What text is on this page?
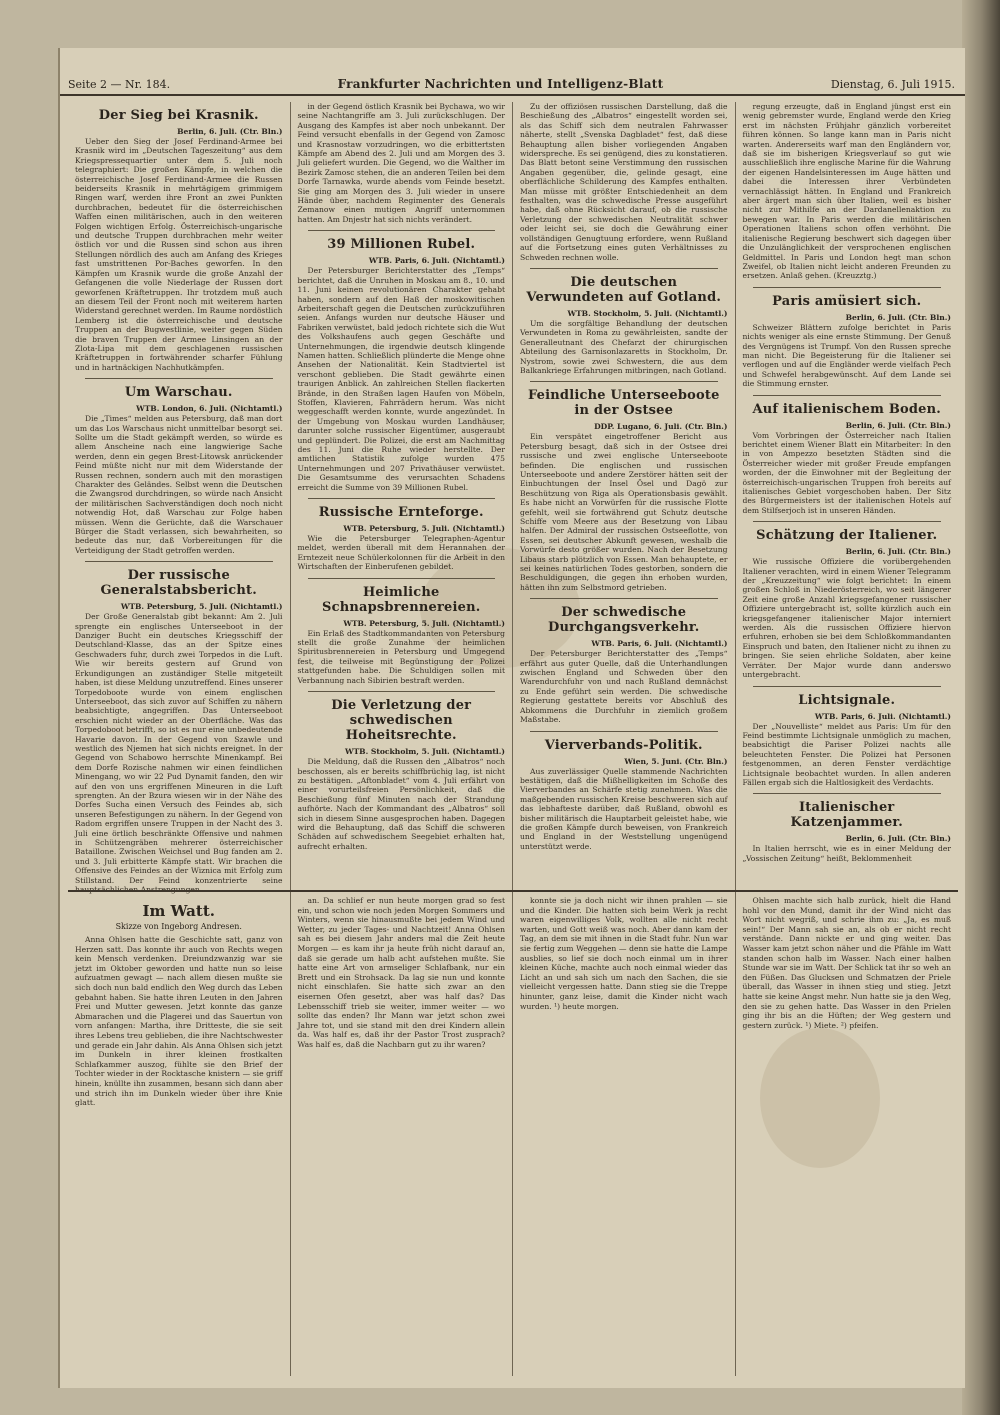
Seite 2 — Nr. 184.	Frankfurter Nachrichten und Intelligenz-Blatt	Dienstag, 6. Juli 1915.
Der Sieg bei Krasnik.
Berlin, 6. Juli. (Ctr. Bln.)

Ueber den Sieg der Josef Ferdinand-Armee bei Krasnik wird im „Deutschen Tageszeitung“ aus dem Kriegspressequartier unter dem 5. Juli noch telegraphiert: Die großen Kämpfe, in welchen die österreichische Josef Ferdinand-Armee die Russen beiderseits Krasnik in mehrtägigem grimmigem Ringen warf, werden ihre Front an zwei Punkten durchbrachen, bedeutet für die österreichischen Waffen einen militärischen, auch in den weiteren Folgen wichtigen Erfolg. Österreichisch-ungarische und deutsche Truppen durchbrachen mehr weiter östlich vor und die Russen sind schon aus ihren Stellungen nördlich des auch am Anfang des Krieges fast umstrittenen Por-Baches geworfen. In den Kämpfen um Krasnik wurde die große Anzahl der Gefangenen die volle Niederlage der Russen dort geworfenen Kräftetruppen. Ihr trotzdem muß auch an diesem Teil der Front noch mit weiterem harten Widerstand gerechnet werden. Im Raume nordöstlich Lemberg ist die österreichische und deutsche Truppen an der Bugwestlinie, weiter gegen Süden die braven Truppen der Armee Linsingen an der Zlota-Lipa mit dem geschlagenen russischen Kräftetruppen in fortwährender scharfer Fühlung und in hartnäckigen Nachhutkämpfen.

Um Warschau.
WTB. London, 6. Juli. (Nichtamtl.)

Die „Times“ melden aus Petersburg, daß man dort um das Los Warschaus nicht unmittelbar besorgt sei. Sollte um die Stadt gekämpft werden, so würde es allem Anscheine nach eine langwierige Sache werden, denn ein gegen Brest-Litowsk anrückender Feind müßte nicht nur mit dem Widerstande der Russen rechnen, sondern auch mit den morastigen Charakter des Geländes. Selbst wenn die Deutschen die Zwangsrod durchdringen, so würde nach Ansicht der militärischen Sachverständigen doch noch nicht notwendig Hot, daß Warschau zur Folge haben müssen. Wenn die Gerüchte, daß die Warschauer Bürger die Stadt verlassen, sich bewahrheiten, so bedeute das nur, daß Vorbereitungen für die Verteidigung der Stadt getroffen werden.

Der russische Generalstabsbericht.
WTB. Petersburg, 5. Juli. (Nichtamtl.)

Der Große Generalstab gibt bekannt: Am 2. Juli sprengte ein englisches Unterseeboot in der Danziger Bucht ein deutsches Kriegsschiff der Deutschland-Klasse, das an der Spitze eines Geschwaders fuhr, durch zwei Torpedos in die Luft. Wie wir bereits gestern auf Grund von Erkundigungen an zuständiger Stelle mitgeteilt haben, ist diese Meldung unzutreffend. Eines unserer Torpedoboote wurde von einem englischen Unterseeboot, das sich zuvor auf Schiffen zu nähern beabsichtigte, angegriffen. Das Unterseeboot erschien nicht wieder an der Oberfläche. Was das Torpedoboot betrifft, so ist es nur eine unbedeutende Havarie davon. In der Gegend von Szawle und westlich des Njemen hat sich nichts ereignet. In der Gegend von Schabowo herrschte Minenkampf. Bei dem Dorfe Rozische nahmen wir einen feindlichen Minengang, wo wir 22 Pud Dynamit fanden, den wir auf den von uns ergriffenen Mineuren in die Luft sprengten. An der Bzura wiesen wir in der Nähe des Dorfes Sucha einen Versuch des Feindes ab, sich unseren Befestigungen zu nähern. In der Gegend von Radom ergriffen unsere Truppen in der Nacht des 3. Juli eine örtlich beschränkte Offensive und nahmen in Schützengräben mehrerer österreichischer Bataillone. Zwischen Weichsel und Bug fanden am 2. und 3. Juli erbitterte Kämpfe statt. Wir brachen die Offensive des Feindes an der Wiznica mit Erfolg zum Stillstand. Der Feind konzentrierte seine hauptsächlichen Anstrengungen

in der Gegend östlich Krasnik bei Bychawa, wo wir seine Nachtangriffe am 3. Juli zurückschlugen. Der Ausgang des Kampfes ist aber noch unbekannt. Der Feind versucht ebenfalls in der Gegend von Zamosc und Krasnostaw vorzudringen, wo die erbittertsten Kämpfe am Abend des 2. Juli und am Morgen des 3. Juli geliefert wurden. Die Gegend, wo die Walther im Bezirk Zamosc stehen, die an anderen Teilen bei dem Dorfe Tarnawka, wurde abends vom Feinde besetzt. Sie ging am Morgen des 3. Juli wieder in unsere Hände über, nachdem Regimenter des Generals Zemanow einen mutigen Angriff unternommen hatten. Am Dnjestr hat sich nichts verändert.

39 Millionen Rubel.
WTB. Paris, 6. Juli. (Nichtamtl.)

Der Petersburger Berichterstatter des „Temps“ berichtet, daß die Unruhen in Moskau am 8., 10. und 11. Juni keinen revolutionären Charakter gehabt haben, sondern auf den Haß der moskowitischen Arbeiterschaft gegen die Deutschen zurückzuführen seien. Anfangs wurden nur deutsche Häuser und Fabriken verwüstet, bald jedoch richtete sich die Wut des Volkshaufens auch gegen Geschäfte und Unternehmungen, die irgendwie deutsch klingende Namen hatten. Schließlich plünderte die Menge ohne Ansehen der Nationalität. Kein Stadtviertel ist verschont geblieben. Die Stadt gewährte einen traurigen Anblick. An zahlreichen Stellen flackerten Brände, in den Straßen lagen Haufen von Möbeln, Stoffen, Klavieren, Fahrrädern herum. Was nicht weggeschafft werden konnte, wurde angezündet. In der Umgebung von Moskau wurden Landhäuser, darunter solche russischer Eigentümer, ausgeraubt und geplündert. Die Polizei, die erst am Nachmittag des 11. Juni die Ruhe wieder herstellte. Der amtlichen Statistik zufolge wurden 475 Unternehmungen und 207 Privathäuser verwüstet. Die Gesamtsumme des verursachten Schadens erreicht die Summe von 39 Millionen Rubel.

Russische Ernteforge.
WTB. Petersburg, 5. Juli. (Nichtamtl.)

Wie die Petersburger Telegraphen-Agentur meldet, werden überall mit dem Herannahen der Erntezeit neue Schülerkolonnen für die Arbeit in den Wirtschaften der Einberufenen gebildet.

Heimliche Schnapsbrennereien.
WTB. Petersburg, 5. Juli. (Nichtamtl.)

Ein Erlaß des Stadtkommandanten von Petersburg stellt die große Zunahme der heimlichen Spiritusbrennereien in Petersburg und Umgegend fest, die teilweise mit Begünstigung der Polizei stattgefunden habe. Die Schuldigen sollen mit Verbannung nach Sibirien bestraft werden.

Die Verletzung der schwedischen Hoheitsrechte.
WTB. Stockholm, 5. Juli. (Nichtamtl.)

Die Meldung, daß die Russen den „Albatros“ noch beschossen, als er bereits schiffbrüchig lag, ist nicht zu bestätigen. „Aftonbladet“ vom 4. Juli erfährt von einer vorurteilsfreien Persönlichkeit, daß die Beschießung fünf Minuten nach der Strandung aufhörte. Nach der Kommandant des „Albatros“ soll sich in diesem Sinne ausgesprochen haben. Dagegen wird die Behauptung, daß das Schiff die schweren Schäden auf schwedischem Seegebiet erhalten hat, aufrecht erhalten.

Zu der offiziösen russischen Darstellung, daß die Beschießung des „Albatros“ eingestellt worden sei, als das Schiff sich dem neutralen Fahrwasser näherte, stellt „Svenska Dagbladet“ fest, daß diese Behauptung allen bisher vorliegenden Angaben widerspreche. Es sei genügend, dies zu konstatieren. Das Blatt betont seine Verstimmung den russischen Angaben gegenüber, die, gelinde gesagt, eine oberflächliche Schilderung des Kampfes enthalten. Man müsse mit größter Entschiedenheit an dem festhalten, was die schwedische Presse ausgeführt habe, daß ohne Rücksicht darauf, ob die russische Verletzung der schwedischen Neutralität schwer oder leicht sei, sie doch die Gewährung einer vollständigen Genugtuung erfordere, wenn Rußland auf die Fortsetzung eines guten Verhältnisses zu Schweden rechnen wolle.

Die deutschen Verwundeten auf Gotland.
WTB. Stockholm, 5. Juli. (Nichtamtl.)

Um die sorgfältige Behandlung der deutschen Verwundeten in Roma zu gewährleisten, sandte der Generalleutnant des Chefarzt der chirurgischen Abteilung des Garnisonlazaretts in Stockholm, Dr. Nystrom, sowie zwei Schwestern, die aus dem Balkankriege Erfahrungen mitbringen, nach Gotland.

Feindliche Unterseeboote in der Ostsee
DDP. Lugano, 6. Juli. (Ctr. Bln.)

Ein verspätet eingetroffener Bericht aus Petersburg besagt, daß sich in der Ostsee drei russische und zwei englische Unterseeboote befinden. Die englischen und russischen Unterseeboote und andere Zerstörer hätten seit der Einbuchtungen der Insel Ösel und Dagö zur Beschützung von Riga als Operationsbasis gewählt. Es habe nicht an Vorwürfen für die russische Flotte gefehlt, weil sie fortwährend gut Schutz deutsche Schiffe vom Meere aus der Besetzung von Libau halfen. Der Admiral der russischen Ostseeflotte, von Essen, sei deutscher Abkunft gewesen, weshalb die Vorwürfe desto größer wurden. Nach der Besetzung Libaus starb plötzlich von Essen. Man behauptete, er sei keines natürlichen Todes gestorben, sondern die Beschuldigungen, die gegen ihn erhoben wurden, hätten ihn zum Selbstmord getrieben.

Der schwedische Durchgangsverkehr.
WTB. Paris, 6. Juli. (Nichtamtl.)

Der Petersburger Berichterstatter des „Temps“ erfährt aus guter Quelle, daß die Unterhandlungen zwischen England und Schweden über den Warendurchfuhr von und nach Rußland demnächst zu Ende geführt sein werden. Die schwedische Regierung gestattete bereits vor Abschluß des Abkommens die Durchfuhr in ziemlich großem Maßstabe.

Vierverbands-Politik.
Wien, 5. Juni. (Ctr. Bln.)

Aus zuverlässiger Quelle stammende Nachrichten bestätigen, daß die Mißhelligkeiten im Schoße des Vierverbandes an Schärfe stetig zunehmen. Was die maßgebenden russischen Kreise beschweren sich auf das lebhafteste darüber, daß Rußland, obwohl es bisher militärisch die Hauptarbeit geleistet habe, wie die großen Kämpfe durch beweisen, von Frankreich und England in der Weststellung ungenügend unterstützt werde.

regung erzeugte, daß in England jüngst erst ein wenig gebremster wurde, England werde den Krieg erst im nächsten Frühjahr gänzlich vorbereitet führen können. So lange kann man in Paris nicht warten. Andererseits warf man den Engländern vor, daß sie im bisherigen Kriegsverlauf so gut wie ausschließlich ihre englische Marine für die Wahrung der eigenen Handelsinteressen im Auge hätten und dabei die Interessen ihrer Verbündeten vernachlässigt hätten. In England und Frankreich aber ärgert man sich über Italien, weil es bisher nicht zur Mithilfe an der Dardanellenaktion zu bewegen war. In Paris werden die militärischen Operationen Italiens schon offen verhöhnt. Die italienische Regierung beschwert sich dagegen über die Unzulänglichkeit der versprochenen englischen Geldmittel. In Paris und London hegt man schon Zweifel, ob Italien nicht leicht anderen Freunden zu ersetzen. Anlaß gehen. (Kreuzztg.)

Paris amüsiert sich.
Berlin, 6. Juli. (Ctr. Bln.)

Schweizer Blättern zufolge berichtet in Paris nichts weniger als eine ernste Stimmung. Der Genuß des Vergnügens ist Trumpf. Von den Russen spreche man nicht. Die Begeisterung für die Italiener sei verflogen und auf die Engländer werde vielfach Pech und Schwefel herabgewünscht. Auf dem Lande sei die Stimmung ernster.

Auf italienischem Boden.
Berlin, 6. Juli. (Ctr. Bln.)

Vom Vorbringen der Österreicher nach Italien berichtet einem Wiener Blatt ein Mitarbeiter: In den in von Ampezzo besetzten Städten sind die Österreicher wieder mit großer Freude empfangen worden, der die Einwohner mit der Begleitung der österreichisch-ungarischen Truppen froh bereits auf italienisches Gebiet vorgeschoben haben. Der Sitz des Bürgermeisters ist der italienischen Hotels auf dem Stilfserjoch ist in unseren Händen.

Schätzung der Italiener.
Berlin, 6. Juli. (Ctr. Bln.)

Wie russische Offiziere die vorübergehenden Italiener verachten, wird in einem Wiener Telegramm der „Kreuzzeitung“ wie folgt berichtet: In einem großen Schloß in Niederösterreich, wo seit längerer Zeit eine große Anzahl kriegsgefangener russischer Offiziere untergebracht ist, sollte kürzlich auch ein kriegsgefangener italienischer Major interniert werden. Als die russischen Offiziere hiervon erfuhren, erhoben sie bei dem Schloßkommandanten Einspruch und baten, den Italiener nicht zu ihnen zu bringen. Sie seien ehrliche Soldaten, aber keine Verräter. Der Major wurde dann anderswo untergebracht.

Lichtsignale.
WTB. Paris, 6. Juli. (Nichtamtl.)

Der „Nouvelliste“ meldet aus Paris: Um für den Feind bestimmte Lichtsignale unmöglich zu machen, beabsichtigt die Pariser Polizei nachts alle beleuchteten Fenster. Die Polizei hat Personen festgenommen, an deren Fenster verdächtige Lichtsignale beobachtet wurden. In allen anderen Fällen ergab sich die Haltlosigkeit des Verdachts.

Italienischer Katzenjammer.
Berlin, 6. Juli. (Ctr. Bln.)

In Italien herrscht, wie es in einer Meldung der „Vossischen Zeitung“ heißt, Beklommenheit

Im Watt.
Skizze von Ingeborg Andresen.

Anna Ohlsen hatte die Geschichte satt, ganz von Herzen satt. Das konnte ihr auch von Rechts wegen kein Mensch verdenken. Dreiundzwanzig war sie jetzt im Oktober geworden und hatte nun so leise aufzuatmen gewagt — nach allem diesen mußte sie sich doch nun bald endlich den Weg durch das Leben gebahnt haben. Sie hatte ihren Leuten in den Jahren Frei und Mutter gewesen. Jetzt konnte das ganze Abmarachen und die Plagerei und das Sauertun von vorn anfangen: Martha, ihre Dritteste, die sie seit ihres Lebens treu geblieben, die ihre Nachtschwester und gerade ein Jahr dahin. Als Anna Ohlsen sich jetzt im Dunkeln in ihrer kleinen frostkalten Schlafkammer auszog, fühlte sie den Brief der Tochter wieder in der Rocktasche knistern — sie griff hinein, knüllte ihn zusammen, besann sich dann aber und strich ihn im Dunkeln wieder über ihre Knie glatt.

an. Da schlief er nun heute morgen grad so fest ein, und schon wie noch jeden Morgen Sommers und Winters, wenn sie hinausmußte bei jedem Wind und Wetter, zu jeder Tages- und Nachtzeit! Anna Ohlsen sah es bei diesem Jahr anders mal die Zeit heute Morgen — es kam ihr ja heute früh nicht darauf an, daß sie gerade um halb acht aufstehen mußte. Sie hatte eine Art von armseliger Schlafbank, nur ein Brett und ein Strohsack. Da lag sie nun und konnte nicht einschlafen. Sie hatte sich zwar an den eisernen Ofen gesetzt, aber was half das? Das Lebensschiff trieb sie weiter, immer weiter — wo sollte das enden? Ihr Mann war jetzt schon zwei Jahre tot, und sie stand mit den drei Kindern allein da. Was half es, daß ihr der Pastor Trost zusprach? Was half es, daß die Nachbarn gut zu ihr waren?

konnte sie ja doch nicht wir ihnen prahlen — sie und die Kinder. Die hatten sich beim Werk ja recht waren eigenwilliges Volk, wollten alle nicht recht warten, und Gott weiß was noch. Aber dann kam der Tag, an dem sie mit ihnen in die Stadt fuhr. Nun war sie fertig zum Weggehen — denn sie hatte die Lampe ausblies, so lief sie doch noch einmal um in ihrer kleinen Küche, machte auch noch einmal wieder das Licht an und sah sich um nach den Sachen, die sie vielleicht vergessen hatte. Dann stieg sie die Treppe hinunter, ganz leise, damit die Kinder nicht wach wurden. ¹) heute morgen.

Ohlsen machte sich halb zurück, hielt die Hand hohl vor den Mund, damit ihr der Wind nicht das Wort nicht wegriß, und schrie ihm zu: „Ja, es muß sein!“ Der Mann sah sie an, als ob er nicht recht verstände. Dann nickte er und ging weiter. Das Wasser kam jetzt schon näher und die Pfähle im Watt standen schon halb im Wasser. Nach einer halben Stunde war sie im Watt. Der Schlick tat ihr so weh an den Füßen. Das Glucksen und Schmatzen der Priele überall, das Wasser in ihnen stieg und stieg. Jetzt hatte sie keine Angst mehr. Nun hatte sie ja den Weg, den sie zu gehen hatte. Das Wasser in den Prielen ging ihr bis an die Hüften; der Weg gestern und gestern zurück. ¹) Miete. ²) pfeifen.
